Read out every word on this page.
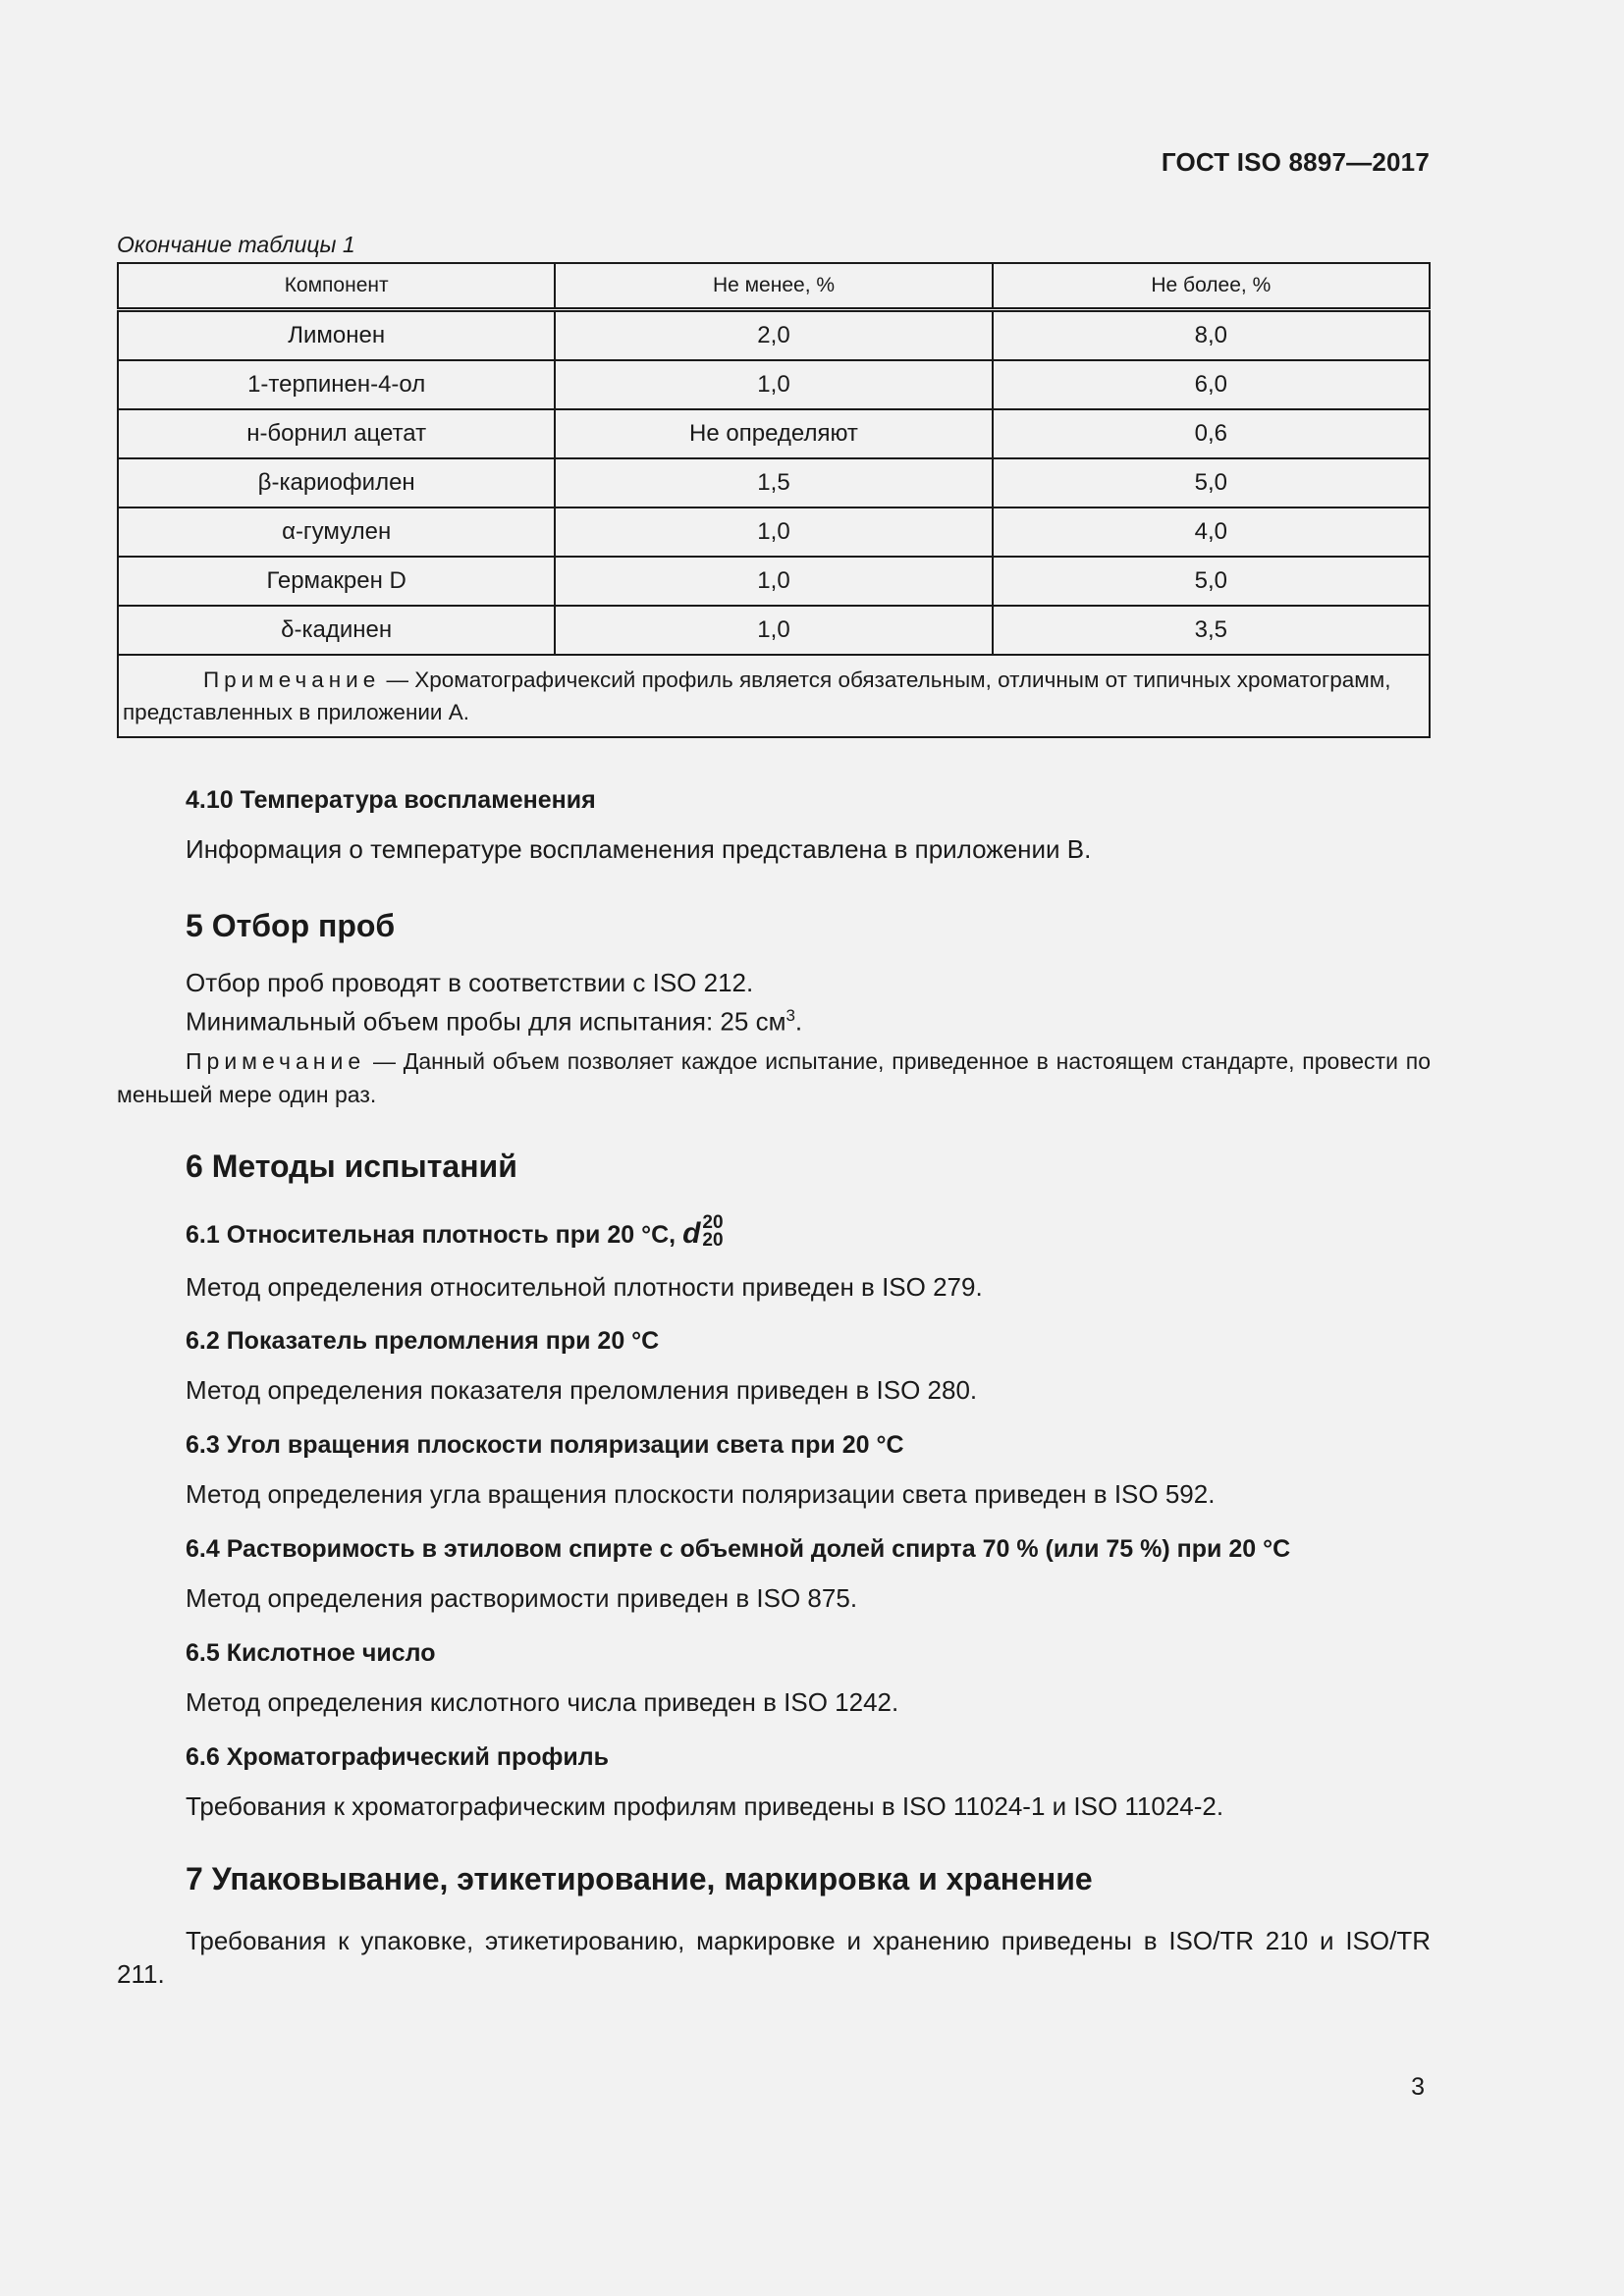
ГОСТ ISO 8897—2017
Окончание таблицы 1
Компонент	Не менее, %	Не более, %
Лимонен	2,0	8,0
1-терпинен-4-ол	1,0	6,0
н-борнил ацетат	Не определяют	0,6
β-кариофилен	1,5	5,0
α-гумулен	1,0	4,0
Гермакрен D	1,0	5,0
δ-кадинен	1,0	3,5

Примечание — Хроматографичексий профиль является обязательным, отличным от типичных хроматограмм, представленных в приложении А.		
4.10 Температура воспламенения
Информация о температуре воспламенения представлена в приложении В.
5 Отбор проб
Отбор проб проводят в соответствии с ISO 212.
Минимальный объем пробы для испытания: 25 $см^3$.
Примечание — Данный объем позволяет каждое испытание, приведенное в настоящем стандарте, провести по меньшей мере один раз.
6 Методы испытаний
6.1 Относительная плотность при 20 °С, d 20
20
Метод определения относительной плотности приведен в ISO 279.
6.2 Показатель преломления при 20 °С
Метод определения показателя преломления приведен в ISO 280.
6.3 Угол вращения плоскости поляризации света при 20 °С
Метод определения угла вращения плоскости поляризации света приведен в ISO 592.
6.4 Растворимость в этиловом спирте с объемной долей спирта 70 % (или 75 %) при 20 °С
Метод определения растворимости приведен в ISO 875.
6.5 Кислотное число
Метод определения кислотного числа приведен в ISO 1242.
6.6 Хроматографический профиль
Требования к хроматографическим профилям приведены в ISO 11024-1 и ISO 11024-2.
7 Упаковывание, этикетирование, маркировка и хранение
Требования к упаковке, этикетированию, маркировке и хранению приведены в ISO/TR 210 и ISO/TR 211.
3
